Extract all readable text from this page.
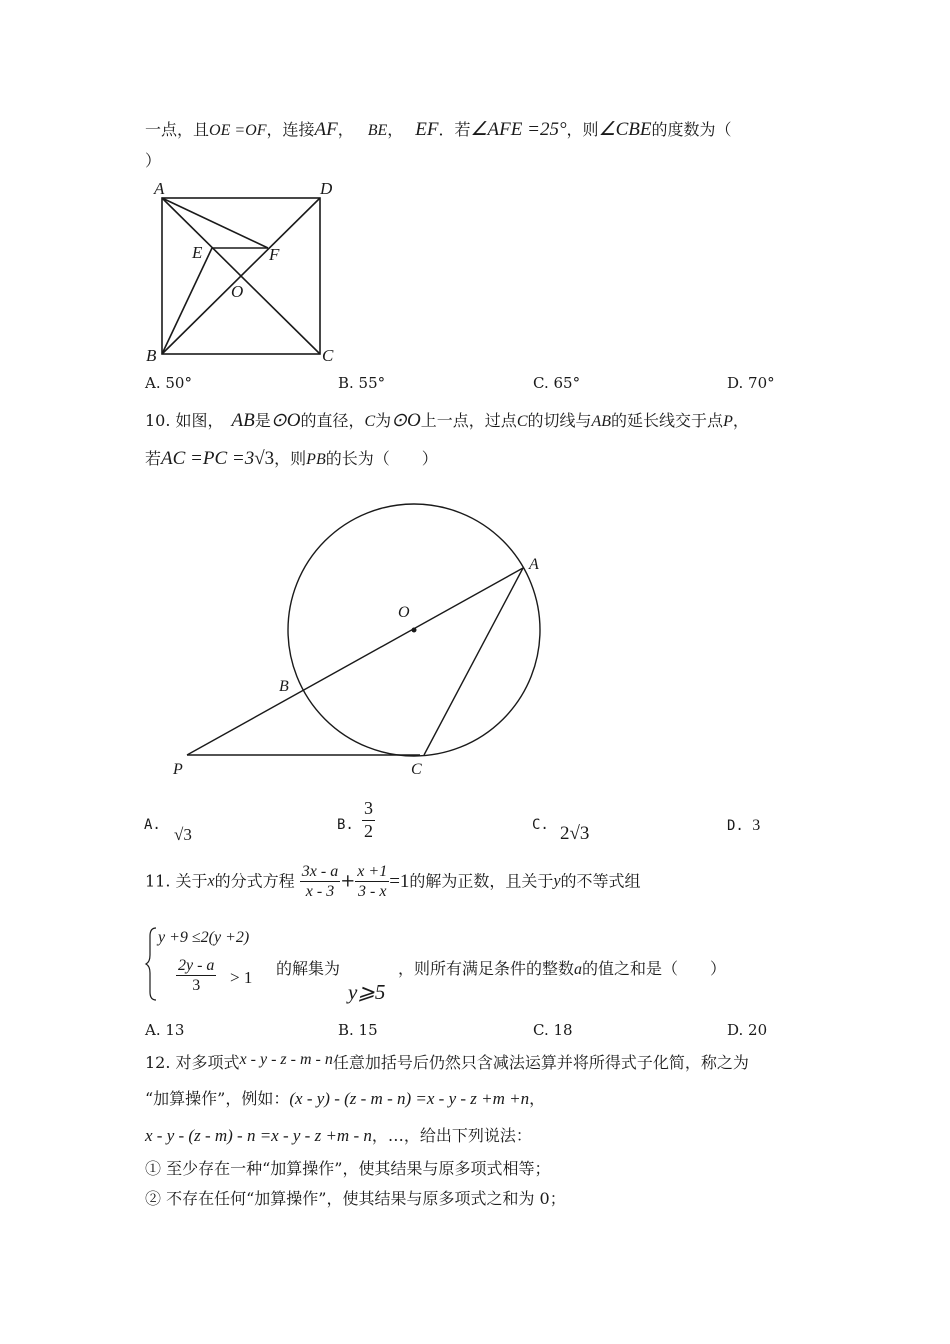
一点，且OE =OF，连接AF， BE， EF．若∠AFE =25°，则∠CBE的度数为（
）
A	D
E	F
O
B	C
A. 50°	B. 55°	C. 65°	D. 70°
10. 如图， AB是⊙O的直径，C为⊙O上一点，过点C的切线与AB的延长线交于点P，
若AC =PC =3√3，则PB的长为（　　）
A
O
B
P	C
A. √3	B. $\frac{3}{2}$	C. 2√3	D. 3
11. 关于x的分式方程 $\frac{3x - a}{x - 3} + \frac{x +1}{3 - x} =1$的解为正数，且关于y的不等式组
y +9 ≤2(y +2)
$\frac{2y - a}{3} > 1$ 的解集为
y⩾5
，则所有满足条件的整数a的值之和是（　　）
A. 13	B. 15	C. 18	D. 20
12. 对多项式x - y - z - m - n任意加括号后仍然只含减法运算并将所得式子化简，称之为
“加算操作”，例如：(x - y) - (z - m - n) =x - y - z +m +n，
x - y - (z - m) - n =x - y - z +m - n，…，给出下列说法：
① 至少存在一种“加算操作”，使其结果与原多项式相等；
② 不存在任何“加算操作”，使其结果与原多项式之和为 0；
